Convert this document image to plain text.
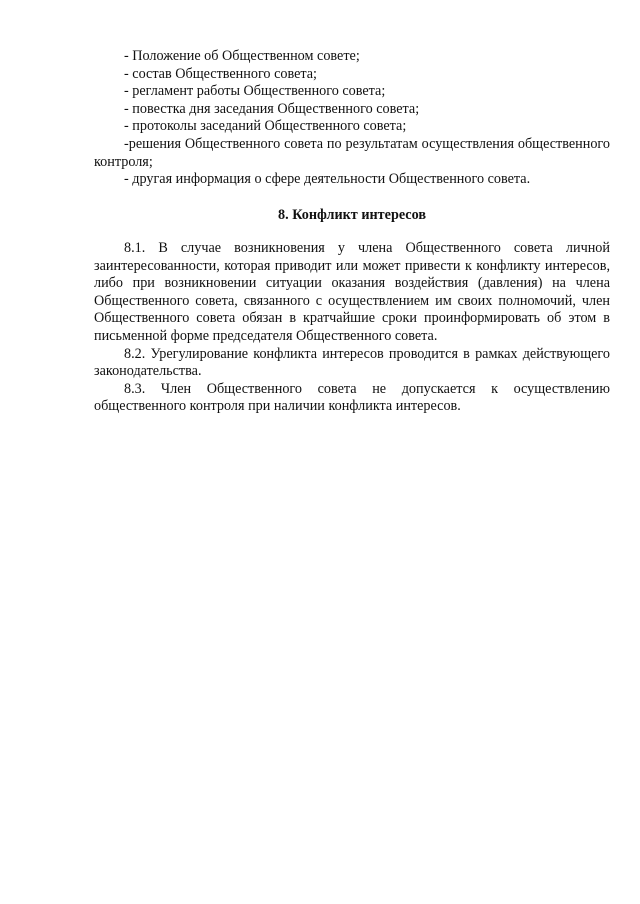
- Положение об Общественном совете;
- состав Общественного совета;
- регламент работы Общественного совета;
- повестка дня заседания Общественного совета;
- протоколы заседаний Общественного совета;
-решения Общественного совета по результатам осуществления общественного контроля;
- другая информация о сфере деятельности Общественного совета.
8. Конфликт интересов

8.1. В случае возникновения у члена Общественного совета личной заинтересованности, которая приводит или может привести к конфликту интересов, либо при возникновении ситуации оказания воздействия (давления) на члена Общественного совета, связанного с осуществлением им своих полномочий, член Общественного совета обязан в кратчайшие сроки проинформировать об этом в письменной форме председателя Общественного совета.

8.2. Урегулирование конфликта интересов проводится в рамках действующего законодательства.

8.3. Член Общественного совета не допускается к осуществлению общественного контроля при наличии конфликта интересов.
